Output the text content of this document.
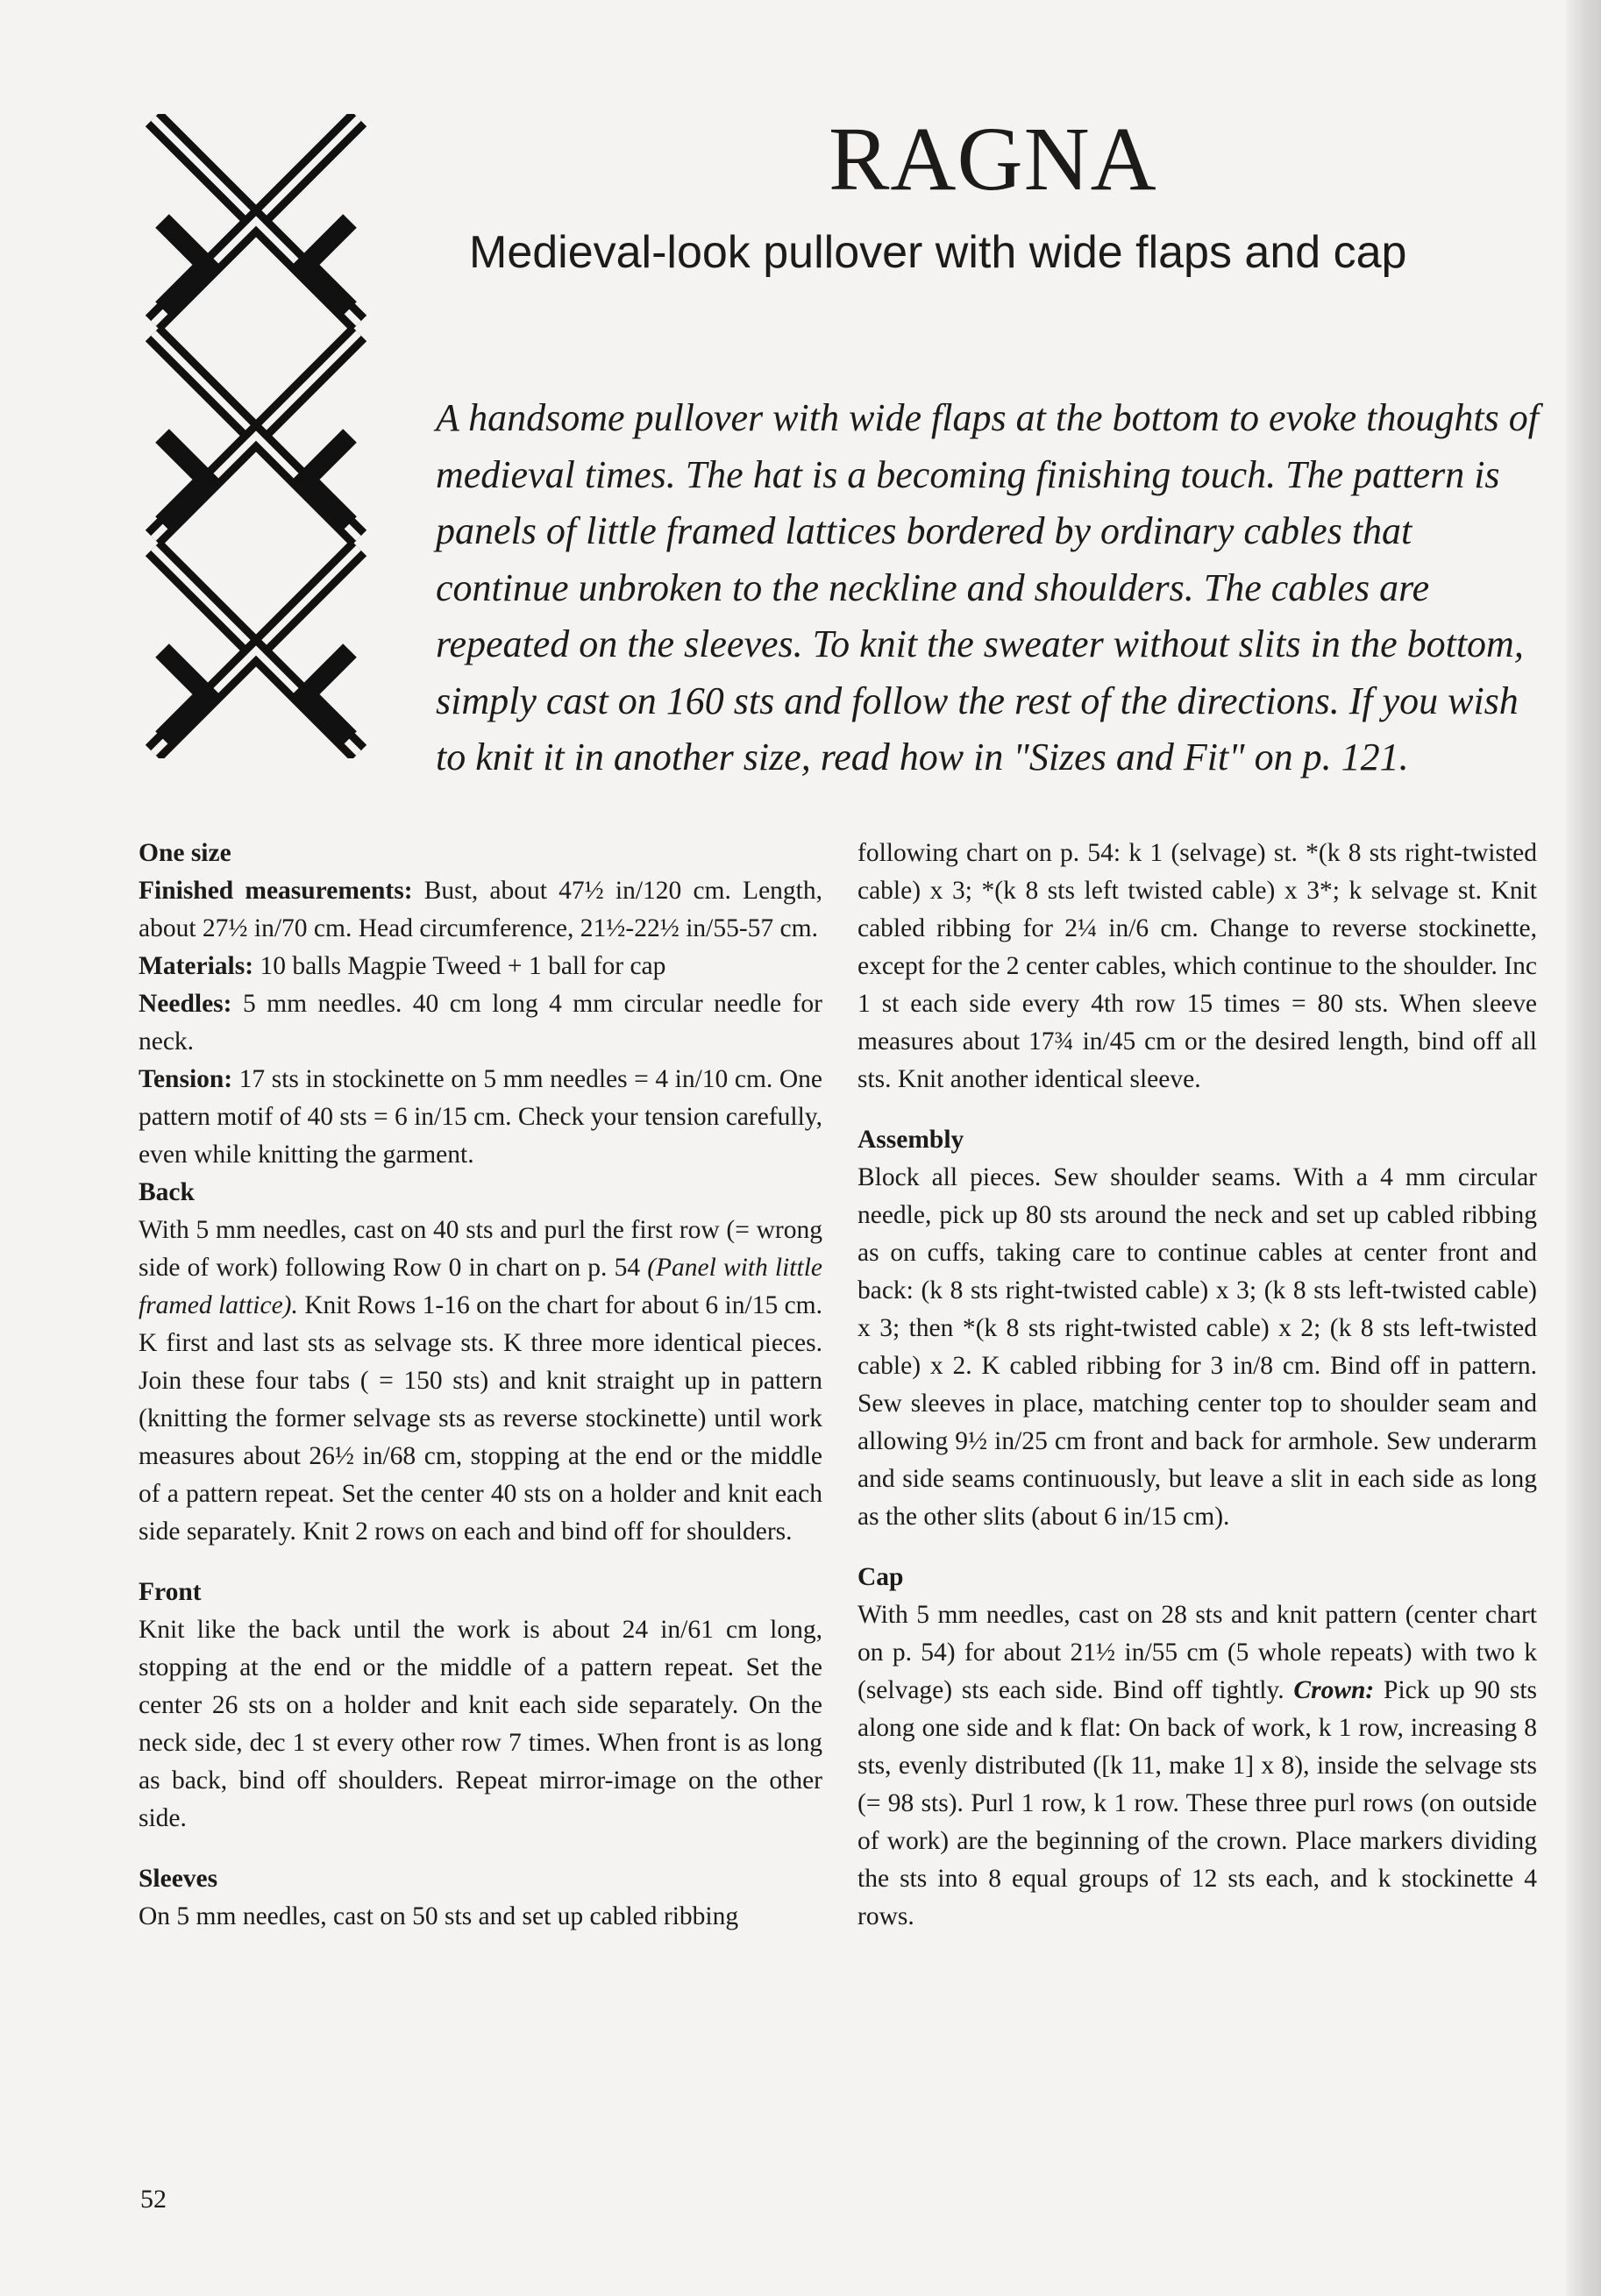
RAGNA
Medieval-look pullover with wide flaps and cap

A handsome pullover with wide flaps at the bottom to evoke thoughts of medieval times. The hat is a becoming finishing touch. The pattern is panels of little framed lattices bordered by ordinary cables that continue unbroken to the neckline and shoulders. The cables are repeated on the sleeves. To knit the sweater without slits in the bottom, simply cast on 160 sts and follow the rest of the directions. If you wish to knit it in another size, read how in "Sizes and Fit" on p. 121.

One size

Finished measurements: Bust, about 47½ in/120 cm. Length, about 27½ in/70 cm. Head circumference, 21½-22½ in/55-57 cm.

Materials: 10 balls Magpie Tweed + 1 ball for cap

Needles: 5 mm needles. 40 cm long 4 mm circular needle for neck.

Tension: 17 sts in stockinette on 5 mm needles = 4 in/10 cm. One pattern motif of 40 sts = 6 in/15 cm. Check your tension carefully, even while knitting the garment.

Back

With 5 mm needles, cast on 40 sts and purl the first row (= wrong side of work) following Row 0 in chart on p. 54 (Panel with little framed lattice). Knit Rows 1-16 on the chart for about 6 in/15 cm. K first and last sts as selvage sts. K three more identical pieces. Join these four tabs ( = 150 sts) and knit straight up in pattern (knitting the former selvage sts as reverse stockinette) until work measures about 26½ in/68 cm, stopping at the end or the middle of a pattern repeat. Set the center 40 sts on a holder and knit each side separately. Knit 2 rows on each and bind off for shoulders.

Front

Knit like the back until the work is about 24 in/61 cm long, stopping at the end or the middle of a pattern repeat. Set the center 26 sts on a holder and knit each side separately. On the neck side, dec 1 st every other row 7 times. When front is as long as back, bind off shoulders. Repeat mirror-image on the other side.

Sleeves

On 5 mm needles, cast on 50 sts and set up cabled ribbing

following chart on p. 54: k 1 (selvage) st. *(k 8 sts right-twisted cable) x 3; *(k 8 sts left twisted cable) x 3*; k selvage st. Knit cabled ribbing for 2¼ in/6 cm. Change to reverse stockinette, except for the 2 center cables, which continue to the shoulder. Inc 1 st each side every 4th row 15 times = 80 sts. When sleeve measures about 17¾ in/45 cm or the desired length, bind off all sts. Knit another identical sleeve.

Assembly

Block all pieces. Sew shoulder seams. With a 4 mm circular needle, pick up 80 sts around the neck and set up cabled ribbing as on cuffs, taking care to continue cables at center front and back: (k 8 sts right-twisted cable) x 3; (k 8 sts left-twisted cable) x 3; then *(k 8 sts right-twisted cable) x 2; (k 8 sts left-twisted cable) x 2. K cabled ribbing for 3 in/8 cm. Bind off in pattern. Sew sleeves in place, matching center top to shoulder seam and allowing 9½ in/25 cm front and back for armhole. Sew underarm and side seams continuously, but leave a slit in each side as long as the other slits (about 6 in/15 cm).

Cap

With 5 mm needles, cast on 28 sts and knit pattern (center chart on p. 54) for about 21½ in/55 cm (5 whole repeats) with two k (selvage) sts each side. Bind off tightly. Crown: Pick up 90 sts along one side and k flat: On back of work, k 1 row, increasing 8 sts, evenly distributed ([k 11, make 1] x 8), inside the selvage sts (= 98 sts). Purl 1 row, k 1 row. These three purl rows (on outside of work) are the beginning of the crown. Place markers dividing the sts into 8 equal groups of 12 sts each, and k stockinette 4 rows.

52
